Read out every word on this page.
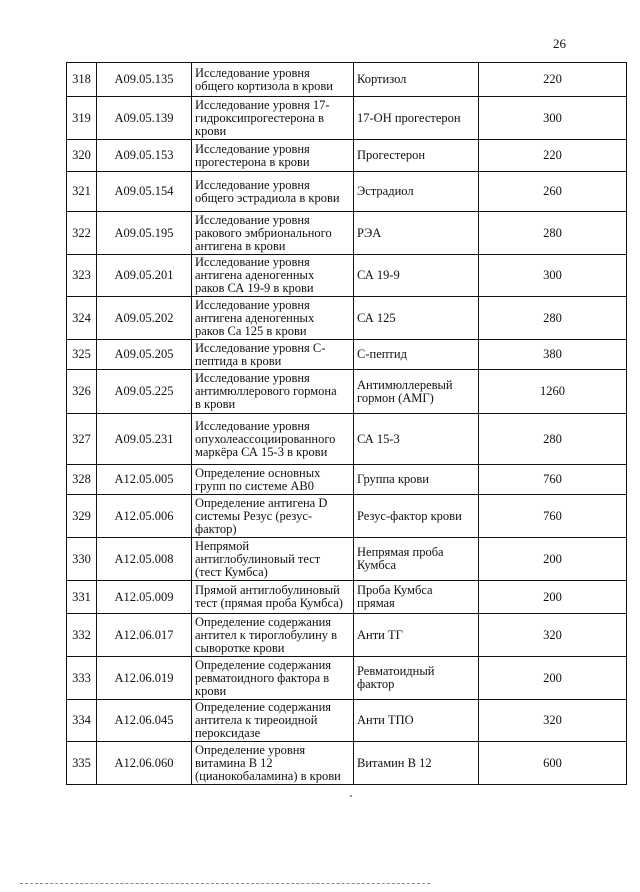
26
318	A09.05.135	Исследование уровня
общего кортизола в крови	Кортизол	220
319	A09.05.139	Исследование уровня 17-
гидроксипрогестерона в
крови	17-ОН прогестерон	300
320	A09.05.153	Исследование уровня
прогестерона в крови	Прогестерон	220
321	A09.05.154	Исследование уровня
общего эстрадиола в крови	Эстрадиол	260
322	A09.05.195	Исследование уровня
ракового эмбрионального
антигена в крови	РЭА	280
323	A09.05.201	Исследование уровня
антигена аденогенных
раков СА 19-9 в крови	СА 19-9	300
324	A09.05.202	Исследование уровня
антигена аденогенных
раков Са 125 в крови	СА 125	280
325	A09.05.205	Исследование уровня С-
пептида в крови	С-пептид	380
326	A09.05.225	Исследование уровня
антимюллерового гормона
в крови	Антимюллеревый
гормон (АМГ)	1260
327	A09.05.231	Исследование уровня
опухолеассоциированного
маркёра СА 15-3 в крови	СА 15-3	280
328	A12.05.005	Определение основных
групп по системе АВ0	Группа крови	760
329	A12.05.006	Определение антигена D
системы Резус (резус-
фактор)	Резус-фактор крови	760
330	A12.05.008	Непрямой
антиглобулиновый тест
(тест Кумбса)	Непрямая проба
Кумбса	200
331	A12.05.009	Прямой антиглобулиновый
тест (прямая проба Кумбса)	Проба Кумбса
прямая	200
332	A12.06.017	Определение содержания
антител к тироглобулину в
сыворотке крови	Анти ТГ	320
333	A12.06.019	Определение содержания
ревматоидного фактора в
крови	Ревматоидный
фактор	200
334	A12.06.045	Определение содержания
антитела к тиреоидной
пероксидазе	Анти ТПО	320
335	A12.06.060	Определение уровня
витамина В 12
(цианокобаламина) в крови	Витамин В 12	600
